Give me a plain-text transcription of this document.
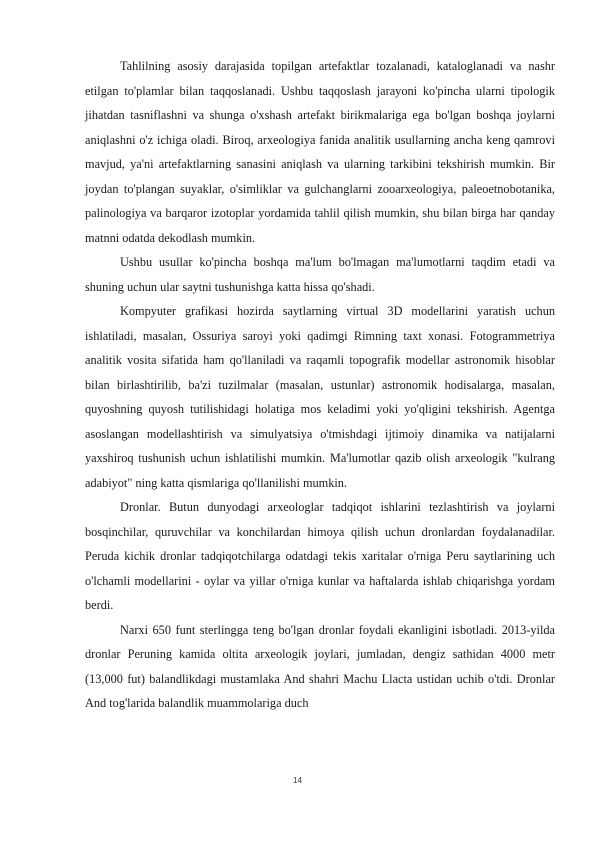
Tahlilning asosiy darajasida topilgan artefaktlar tozalanadi, kataloglanadi va nashr etilgan to'plamlar bilan taqqoslanadi. Ushbu taqqoslash jarayoni ko'pincha ularni tipologik jihatdan tasniflashni va shunga o'xshash artefakt birikmalariga ega bo'lgan boshqa joylarni aniqlashni o'z ichiga oladi. Biroq, arxeologiya fanida analitik usullarning ancha keng qamrovi mavjud, ya'ni artefaktlarning sanasini aniqlash va ularning tarkibini tekshirish mumkin. Bir joydan to'plangan suyaklar, o'simliklar va gulchanglarni zooarxeologiya, paleoetnobotanika, palinologiya va barqaror izotoplar yordamida tahlil qilish mumkin, shu bilan birga har qanday matnni odatda dekodlash mumkin.

Ushbu usullar ko'pincha boshqa ma'lum bo'lmagan ma'lumotlarni taqdim etadi va shuning uchun ular saytni tushunishga katta hissa qo'shadi.

Kompyuter grafikasi hozirda saytlarning virtual 3D modellarini yaratish uchun ishlatiladi, masalan, Ossuriya saroyi yoki qadimgi Rimning taxt xonasi. Fotogrammetriya analitik vosita sifatida ham qo'llaniladi va raqamli topografik modellar astronomik hisoblar bilan birlashtirilib, ba'zi tuzilmalar (masalan, ustunlar) astronomik hodisalarga, masalan, quyoshning quyosh tutilishidagi holatiga mos keladimi yoki yo'qligini tekshirish. Agentga asoslangan modellashtirish va simulyatsiya o'tmishdagi ijtimoiy dinamika va natijalarni yaxshiroq tushunish uchun ishlatilishi mumkin. Ma'lumotlar qazib olish arxeologik "kulrang adabiyot" ning katta qismlariga qo'llanilishi mumkin.

Dronlar. Butun dunyodagi arxeologlar tadqiqot ishlarini tezlashtirish va joylarni bosqinchilar, quruvchilar va konchilardan himoya qilish uchun dronlardan foydalanadilar. Peruda kichik dronlar tadqiqotchilarga odatdagi tekis xaritalar o'rniga Peru saytlarining uch o'lchamli modellarini - oylar va yillar o'rniga kunlar va haftalarda ishlab chiqarishga yordam berdi.

Narxi 650 funt sterlingga teng bo'lgan dronlar foydali ekanligini isbotladi. 2013-yilda dronlar Peruning kamida oltita arxeologik joylari, jumladan, dengiz sathidan 4000 metr (13,000 fut) balandlikdagi mustamlaka And shahri Machu Llacta ustidan uchib o'tdi. Dronlar And tog'larida balandlik muammolariga duch

14
